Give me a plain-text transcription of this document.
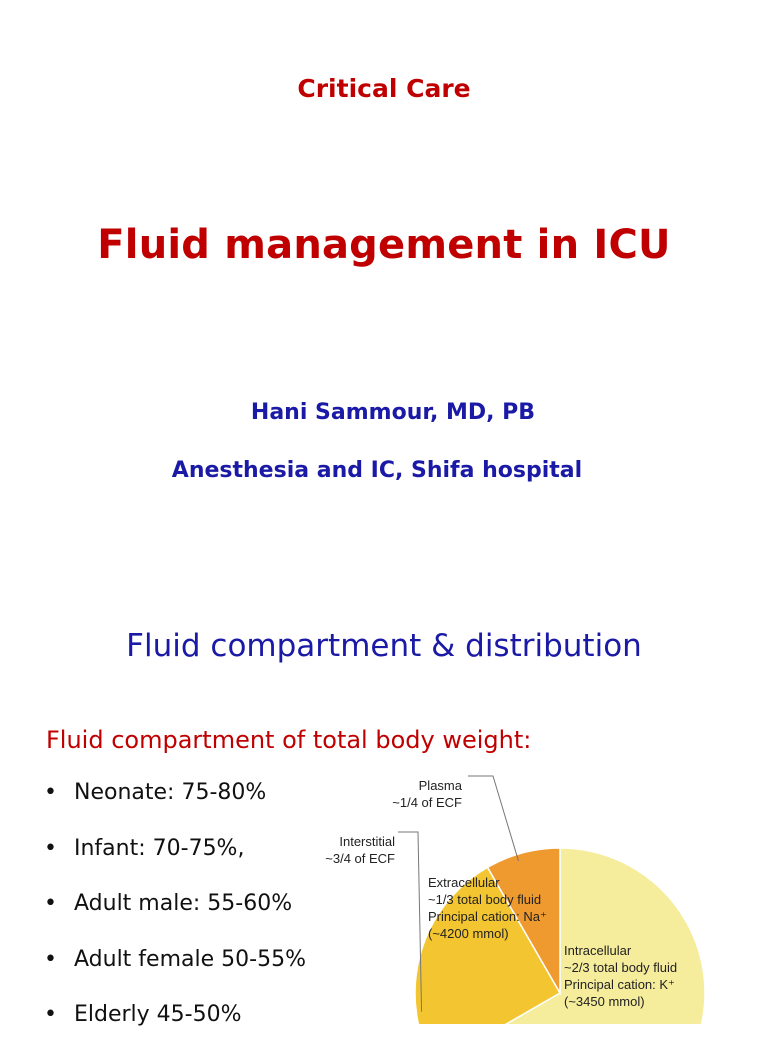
Critical Care
Fluid management in ICU
Hani Sammour, MD, PB
Anesthesia and IC, Shifa hospital
Fluid compartment & distribution
Fluid compartment of total body weight:
• Neonate: 75-80%
• Infant: 70-75%,
• Adult male: 55-60%
• Adult female 50-55%
• Elderly 45-50%
Intracellular ~2/3 total body fluid Principal cation: K⁺ (~3450 mmol)
Extracellular ~1/3 total body fluid Principal cation: Na⁺ (~4200 mmol)
Interstitial ~3/4 of ECF
Plasma ~1/4 of ECF
